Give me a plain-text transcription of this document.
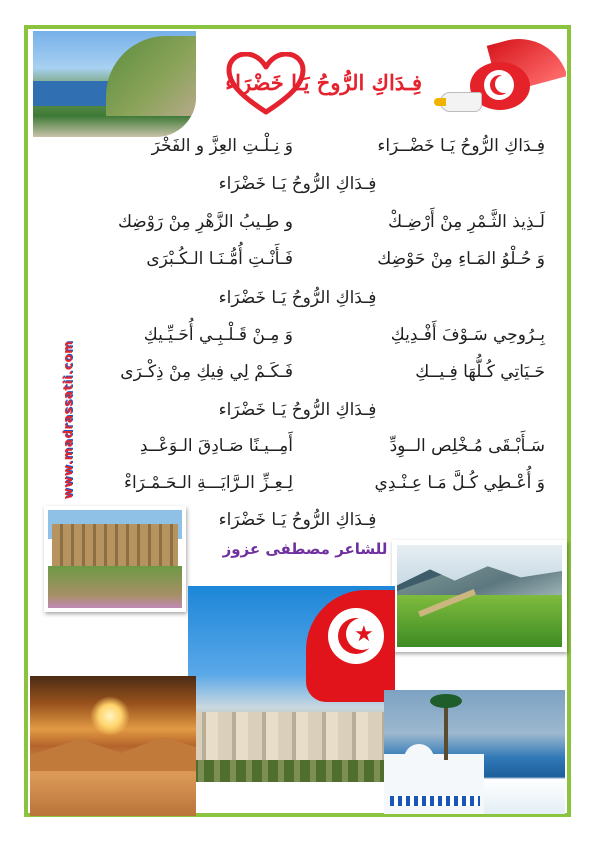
فِـدَاكِ الرُّوحُ يَـا خَضْرَاء
www.madrassatii.com
فِـدَاكِ الرُّوحُ يَـا خَضْــرَاء
وَ نِـلْـتِ العِزَّ و الفَخْرَ
فِـدَاكِ الرُّوحُ يَـا خَضْرَاء
لَـذِيذ الثَّـمْرِ مِنْ أَرْضِـكْ
و طِـيبُ الزَّهْرِ مِنْ رَوْضِك
وَ حُـلْوُ المَـاءِ مِنْ حَوْضِك
فَـأَنْـتِ أُمُّـنَـا الـكُـبْرَى
فِـدَاكِ الرُّوحُ يَـا خَضْرَاء
بِـرُوحِي سَـوْفَ أَفْـدِيكِ
وَ مِـنْ قَـلْـبِـي أُحَـيِّـيكِ
حَـيَاتِي كُـلُّهَا فِـيــكِ
فَـكَـمْ لِي فِيكِ مِنْ ذِكْـرَى
فِـدَاكِ الرُّوحُ يَـا خَضْرَاء
سَـأَبْـقَى مُـخْلِص الــوِدِّ
أَمِــيـنًا صَـادِقَ الـوَعْــدِ
وَ أُعْـطِي كُـلَّ مَـا عِـنْـدِي
لِـعِـزِّ الـرَّايَـــةِ الـحَـمْـرَاءْ
فِـدَاكِ الرُّوحُ يَـا خَضْرَاء
للشاعر مصطفى عزوز
★
